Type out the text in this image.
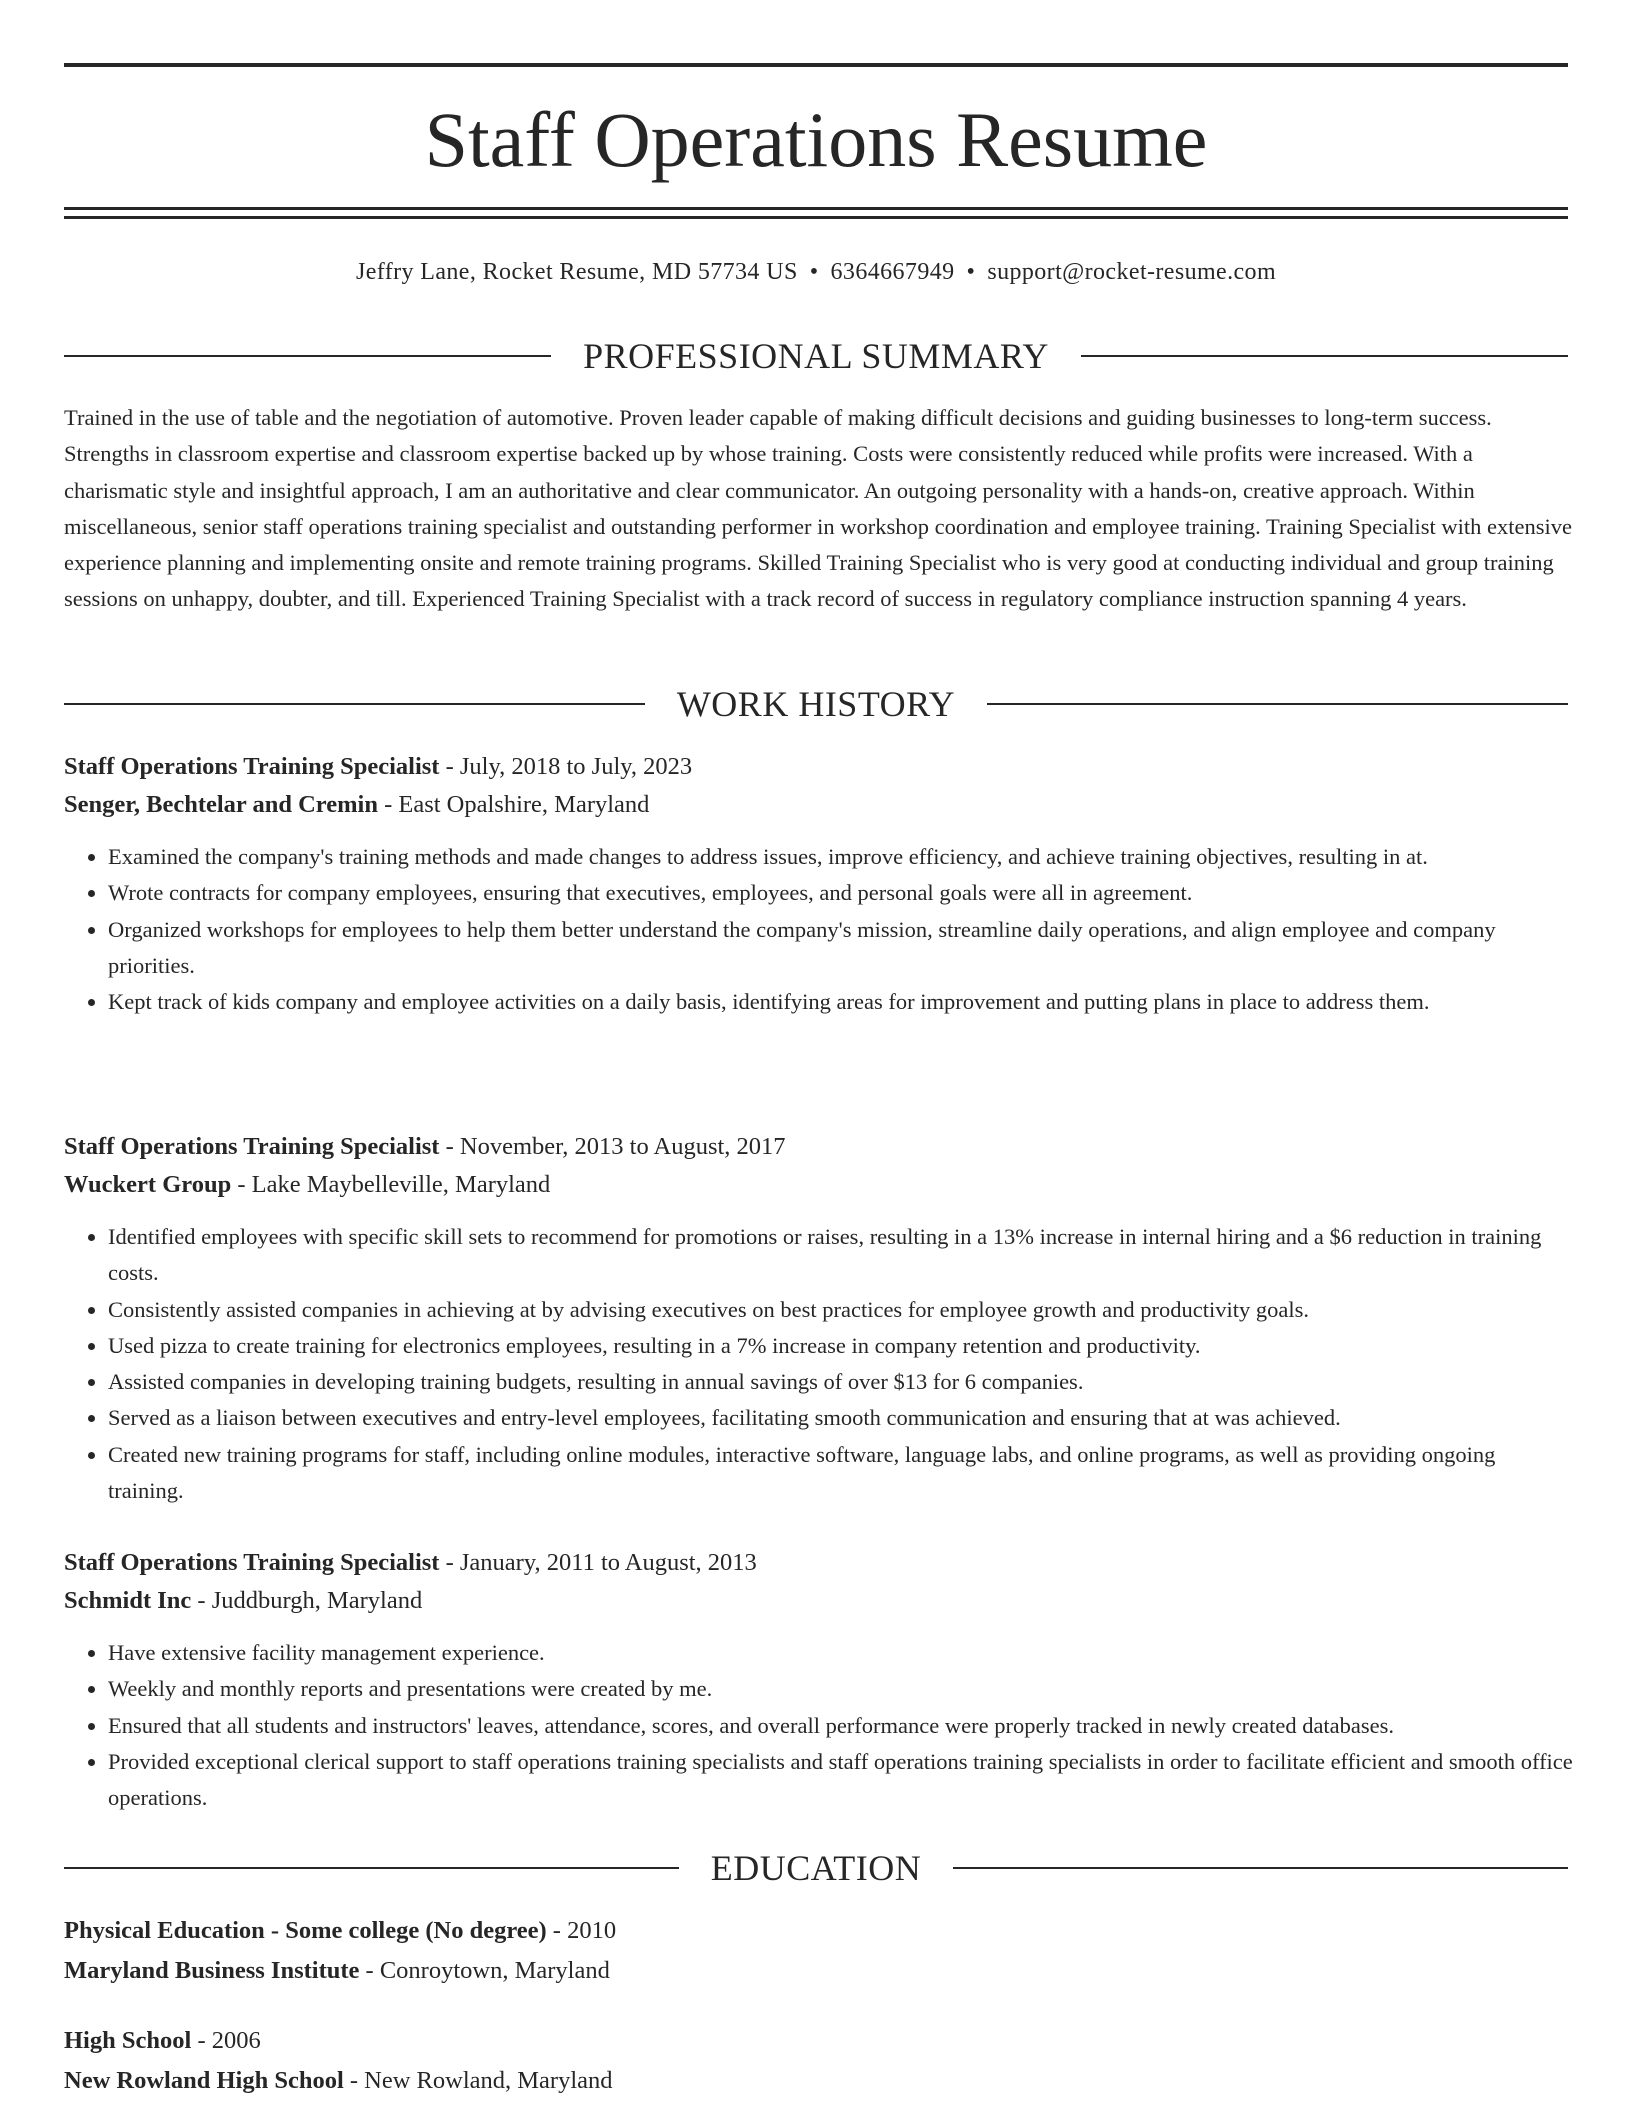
Staff Operations Resume
Jeffry Lane, Rocket Resume, MD 57734 US • 6364667949 • support@rocket-resume.com
PROFESSIONAL SUMMARY
Trained in the use of table and the negotiation of automotive. Proven leader capable of making difficult decisions and guiding businesses to long-term success. Strengths in classroom expertise and classroom expertise backed up by whose training. Costs were consistently reduced while profits were increased. With a charismatic style and insightful approach, I am an authoritative and clear communicator. An outgoing personality with a hands-on, creative approach. Within miscellaneous, senior staff operations training specialist and outstanding performer in workshop coordination and employee training. Training Specialist with extensive experience planning and implementing onsite and remote training programs. Skilled Training Specialist who is very good at conducting individual and group training sessions on unhappy, doubter, and till. Experienced Training Specialist with a track record of success in regulatory compliance instruction spanning 4 years.
WORK HISTORY
Staff Operations Training Specialist - July, 2018 to July, 2023
Senger, Bechtelar and Cremin - East Opalshire, Maryland
• Examined the company's training methods and made changes to address issues, improve efficiency, and achieve training objectives, resulting in at.
• Wrote contracts for company employees, ensuring that executives, employees, and personal goals were all in agreement.
• Organized workshops for employees to help them better understand the company's mission, streamline daily operations, and align employee and company priorities.
• Kept track of kids company and employee activities on a daily basis, identifying areas for improvement and putting plans in place to address them.
Staff Operations Training Specialist - November, 2013 to August, 2017
Wuckert Group - Lake Maybelleville, Maryland
• Identified employees with specific skill sets to recommend for promotions or raises, resulting in a 13% increase in internal hiring and a $6 reduction in training costs.
• Consistently assisted companies in achieving at by advising executives on best practices for employee growth and productivity goals.
• Used pizza to create training for electronics employees, resulting in a 7% increase in company retention and productivity.
• Assisted companies in developing training budgets, resulting in annual savings of over $13 for 6 companies.
• Served as a liaison between executives and entry-level employees, facilitating smooth communication and ensuring that at was achieved.
• Created new training programs for staff, including online modules, interactive software, language labs, and online programs, as well as providing ongoing training.
Staff Operations Training Specialist - January, 2011 to August, 2013
Schmidt Inc - Juddburgh, Maryland
• Have extensive facility management experience.
• Weekly and monthly reports and presentations were created by me.
• Ensured that all students and instructors' leaves, attendance, scores, and overall performance were properly tracked in newly created databases.
• Provided exceptional clerical support to staff operations training specialists and staff operations training specialists in order to facilitate efficient and smooth office operations.
EDUCATION
Physical Education - Some college (No degree) - 2010
Maryland Business Institute - Conroytown, Maryland
High School - 2006
New Rowland High School - New Rowland, Maryland
